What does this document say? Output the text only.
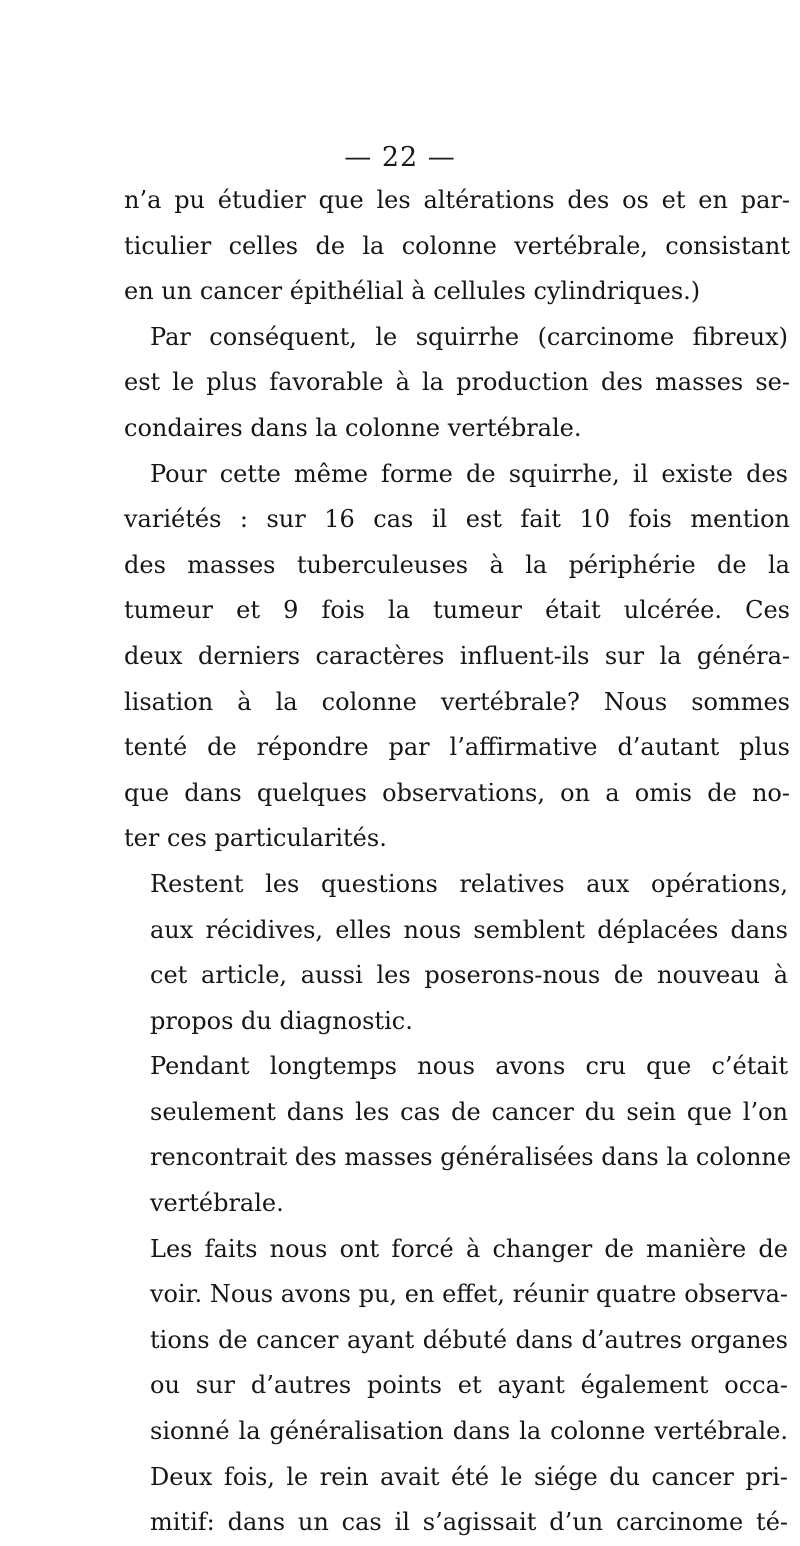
— 22 —
n’a pu étudier que les altérations des os et en par-
ticulier celles de la colonne vertébrale, consistant
en un cancer épithélial à cellules cylindriques.)
Par conséquent, le squirrhe (carcinome fibreux)
est le plus favorable à la production des masses se-
condaires dans la colonne vertébrale.
Pour cette même forme de squirrhe, il existe des
variétés : sur 16 cas il est fait 10 fois mention
des masses tuberculeuses à la périphérie de la
tumeur et 9 fois la tumeur était ulcérée. Ces
deux derniers caractères influent-ils sur la généra-
lisation à la colonne vertébrale? Nous sommes
tenté de répondre par l’affirmative d’autant plus
que dans quelques observations, on a omis de no-
ter ces particularités.
Restent les questions relatives aux opérations,
aux récidives, elles nous semblent déplacées dans
cet article, aussi les poserons-nous de nouveau à
propos du diagnostic.
Pendant longtemps nous avons cru que c’était
seulement dans les cas de cancer du sein que l’on
rencontrait des masses généralisées dans la colonne
vertébrale.
Les faits nous ont forcé à changer de manière de
voir. Nous avons pu, en effet, réunir quatre observa-
tions de cancer ayant débuté dans d’autres organes
ou sur d’autres points et ayant également occa-
sionné la généralisation dans la colonne vertébrale.
Deux fois, le rein avait été le siége du cancer pri-
mitif: dans un cas il s’agissait d’un carcinome té-
